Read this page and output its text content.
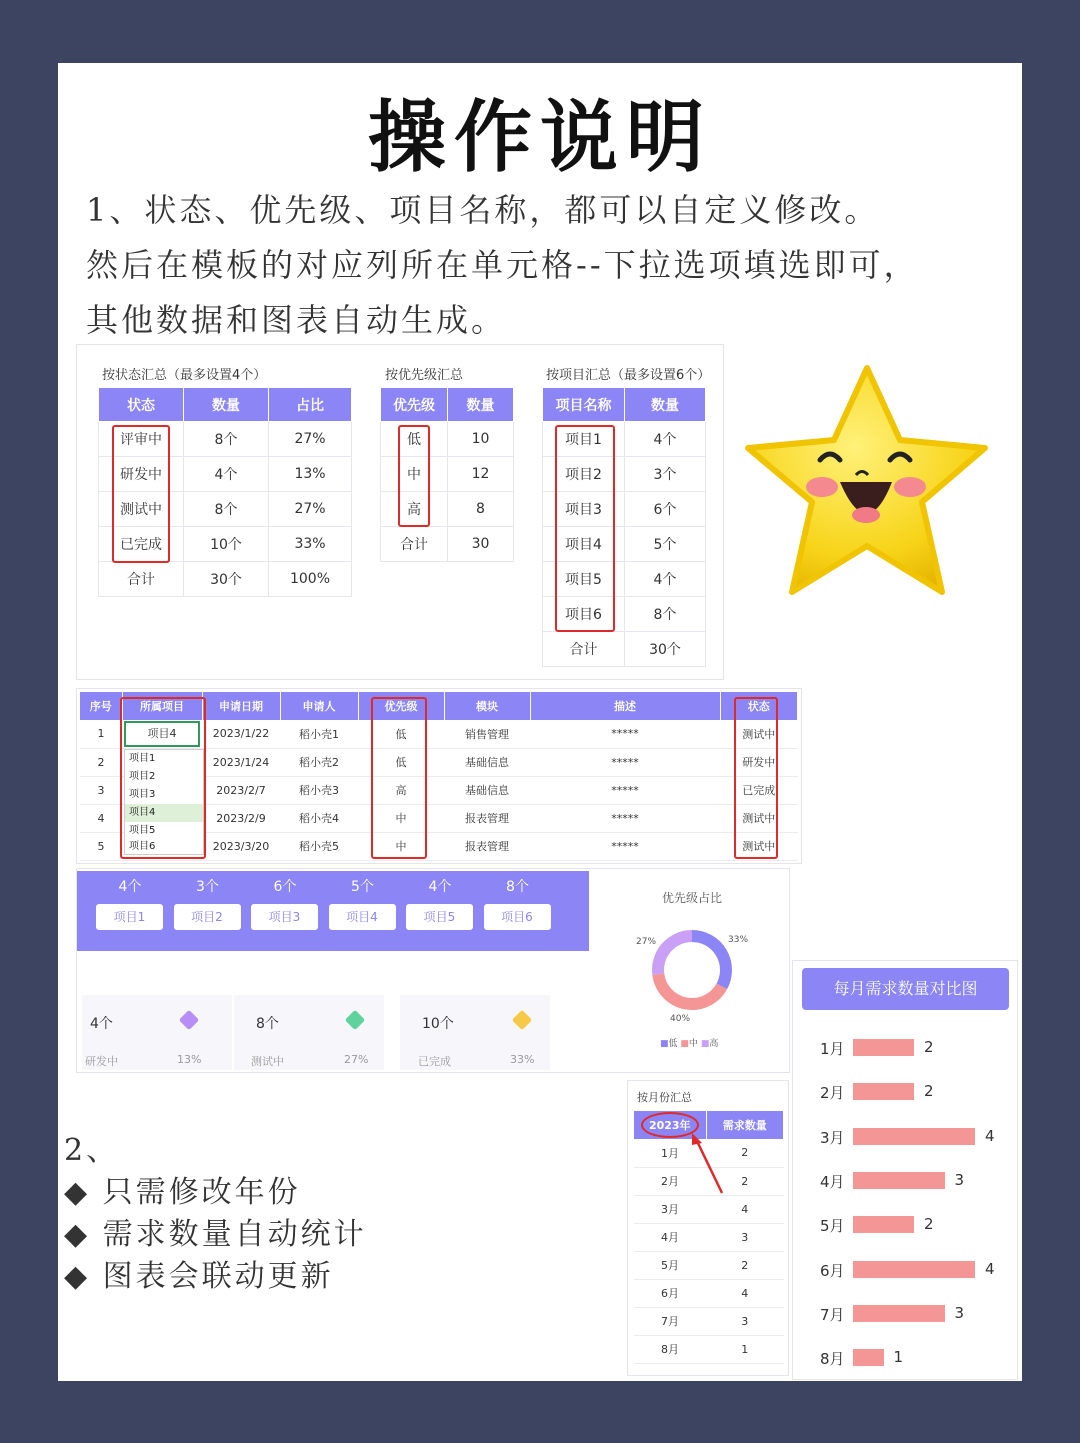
操作说明
1、状态、优先级、项目名称，都可以自定义修改。
然后在模板的对应列所在单元格--下拉选项填选即可，
其他数据和图表自动生成。
按状态汇总（最多设置4个）	按优先级汇总	按项目汇总（最多设置6个）
状态	数量	占比
评审中	8个	27%
研发中	4个	13%
测试中	8个	27%
已完成	10个	33%
合计	30个	100%
优先级	数量
低	10
中	12
高	8
合计	30
项目名称	数量
项目1	4个
项目2	3个
项目3	6个
项目4	5个
项目5	4个
项目6	8个
合计	30个
序号	所属项目	申请日期	申请人	优先级	模块	描述	状态
1	项目4	2023/1/22	稻小壳1	低	销售管理	*****	测试中
2		2023/1/24	稻小壳2	低	基础信息	*****	研发中
3		2023/2/7	稻小壳3	高	基础信息	*****	已完成
4		2023/2/9	稻小壳4	中	报表管理	*****	测试中
5		2023/3/20	稻小壳5	中	报表管理	*****	测试中
项目1
项目2
项目3
项目4
项目5
项目6
4个
项目1
3个
项目2
6个
项目3
5个
项目4
4个
项目5
8个
项目6
4个
研发中	13%
8个
测试中	27%
10个
已完成	33%
优先级占比
27%	33%
40%
■低 ■中 ■高
按月份汇总
2023年	需求数量
1月	2
2月	2
3月	4
4月	3
5月	2
6月	4
7月	3
8月	1
2、
◆ 只需修改年份
◆ 需求数量自动统计
◆ 图表会联动更新
每月需求数量对比图
1月	2
2月	2
3月	4
4月	3
5月	2
6月	4
7月	3
8月	1
